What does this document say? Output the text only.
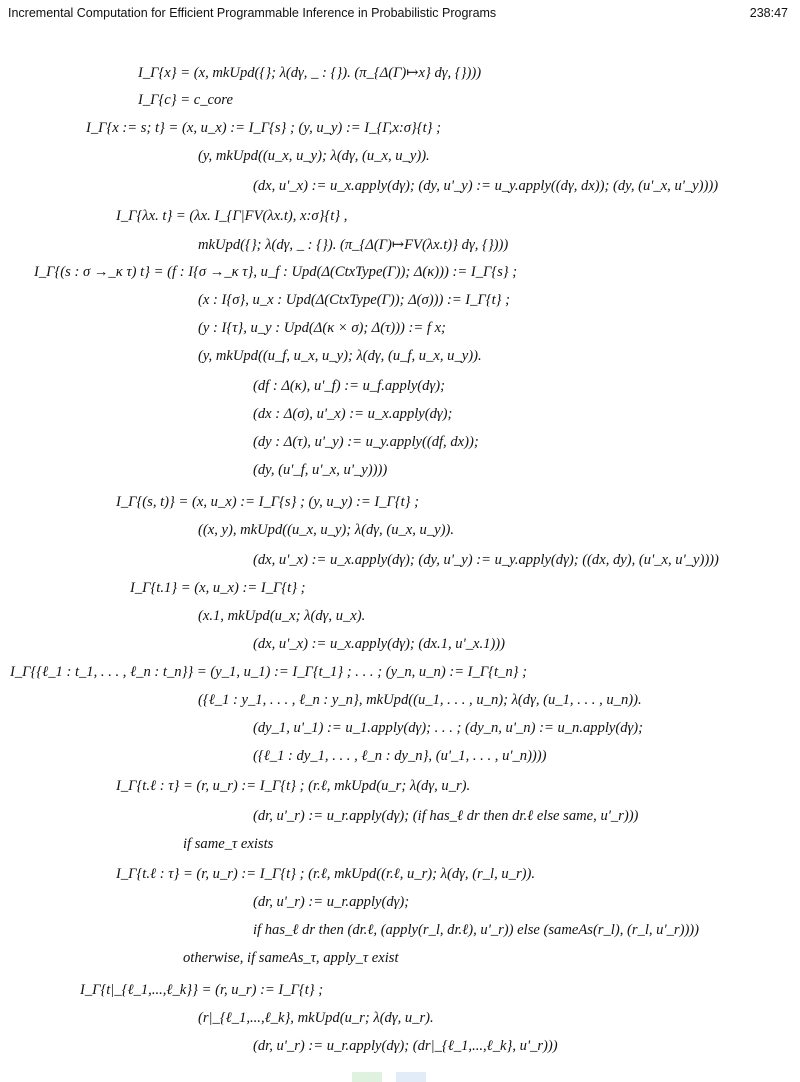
Incremental Computation for Efficient Programmable Inference in Probabilistic Programs	238:47
I_Γ{x} = (x, mkUpd({}; λ(dγ, _ : {}). (π_{Δ(Γ)↦x} dγ, {})))
I_Γ{c} = c_core
I_Γ{x := s; t} = (x, u_x) := I_Γ{s} ; (y, u_y) := I_{Γ,x:σ}{t} ;
(y, mkUpd((u_x, u_y); λ(dγ, (u_x, u_y)).
(dx, u'_x) := u_x.apply(dγ); (dy, u'_y) := u_y.apply((dγ, dx)); (dy, (u'_x, u'_y))))
I_Γ{λx. t} = (λx. I_{Γ|FV(λx.t), x:σ}{t} ,
mkUpd({}; λ(dγ, _ : {}). (π_{Δ(Γ)↦FV(λx.t)} dγ, {})))
I_Γ{(s : σ →_κ τ) t} = (f : I{σ →_κ τ}, u_f : Upd(Δ(CtxType(Γ)); Δ(κ))) := I_Γ{s} ;
(x : I{σ}, u_x : Upd(Δ(CtxType(Γ)); Δ(σ))) := I_Γ{t} ;
(y : I{τ}, u_y : Upd(Δ(κ × σ); Δ(τ))) := f x;
(y, mkUpd((u_f, u_x, u_y); λ(dγ, (u_f, u_x, u_y)).
(df : Δ(κ), u'_f) := u_f.apply(dγ);
(dx : Δ(σ), u'_x) := u_x.apply(dγ);
(dy : Δ(τ), u'_y) := u_y.apply((df, dx));
(dy, (u'_f, u'_x, u'_y))))
I_Γ{(s, t)} = (x, u_x) := I_Γ{s} ; (y, u_y) := I_Γ{t} ;
((x, y), mkUpd((u_x, u_y); λ(dγ, (u_x, u_y)).
(dx, u'_x) := u_x.apply(dγ); (dy, u'_y) := u_y.apply(dγ); ((dx, dy), (u'_x, u'_y))))
I_Γ{t.1} = (x, u_x) := I_Γ{t} ;
(x.1, mkUpd(u_x; λ(dγ, u_x).
(dx, u'_x) := u_x.apply(dγ); (dx.1, u'_x.1)))
I_Γ{{ℓ_1 : t_1, . . . , ℓ_n : t_n}} = (y_1, u_1) := I_Γ{t_1} ; . . . ; (y_n, u_n) := I_Γ{t_n} ;
({ℓ_1 : y_1, . . . , ℓ_n : y_n}, mkUpd((u_1, . . . , u_n); λ(dγ, (u_1, . . . , u_n)).
(dy_1, u'_1) := u_1.apply(dγ); . . . ; (dy_n, u'_n) := u_n.apply(dγ);
({ℓ_1 : dy_1, . . . , ℓ_n : dy_n}, (u'_1, . . . , u'_n))))
I_Γ{t.ℓ : τ} = (r, u_r) := I_Γ{t} ; (r.ℓ, mkUpd(u_r; λ(dγ, u_r).
(dr, u'_r) := u_r.apply(dγ); (if has_ℓ dr then dr.ℓ else same, u'_r)))
if same_τ exists
I_Γ{t.ℓ : τ} = (r, u_r) := I_Γ{t} ; (r.ℓ, mkUpd((r.ℓ, u_r); λ(dγ, (r_l, u_r)).
(dr, u'_r) := u_r.apply(dγ);
if has_ℓ dr then (dr.ℓ, (apply(r_l, dr.ℓ), u'_r)) else (sameAs(r_l), (r_l, u'_r))))
otherwise, if sameAs_τ, apply_τ exist
I_Γ{t|_{ℓ_1,...,ℓ_k}} = (r, u_r) := I_Γ{t} ;
(r|_{ℓ_1,...,ℓ_k}, mkUpd(u_r; λ(dγ, u_r).
(dr, u'_r) := u_r.apply(dγ); (dr|_{ℓ_1,...,ℓ_k}, u'_r)))
